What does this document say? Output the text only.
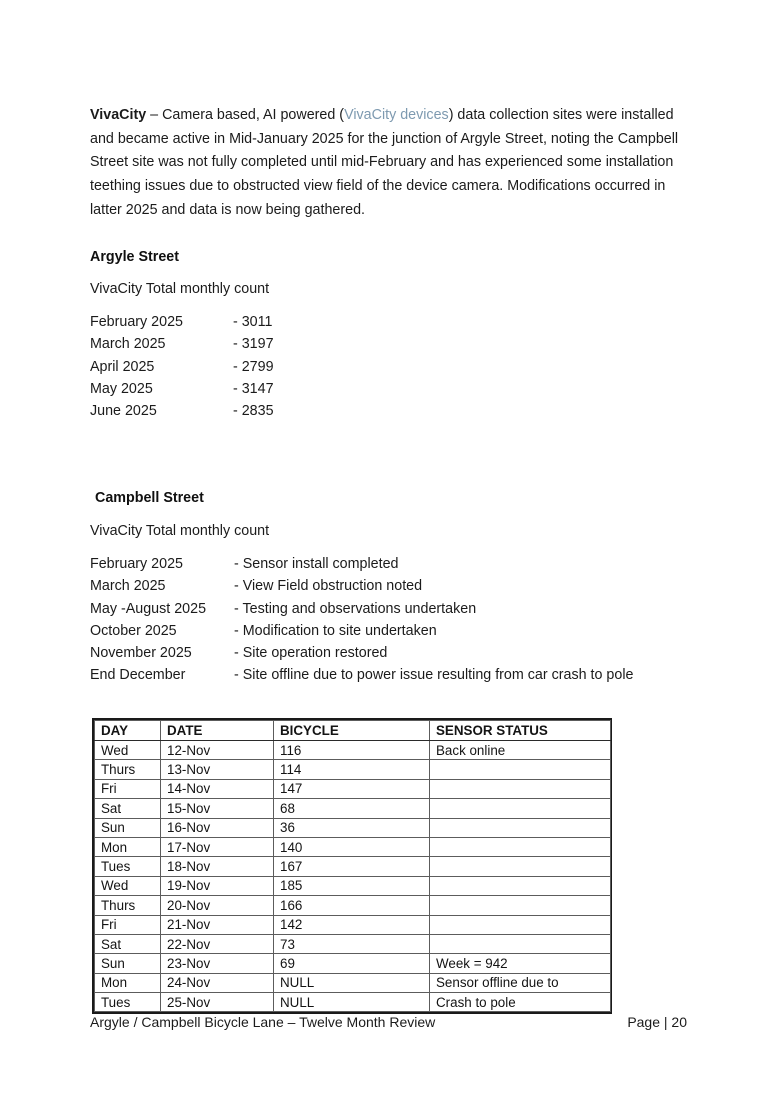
VivaCity – Camera based, AI powered (VivaCity devices) data collection sites were installed and became active in Mid-January 2025 for the junction of Argyle Street, noting the Campbell Street site was not fully completed until mid-February and has experienced some installation teething issues due to obstructed view field of the device camera. Modifications occurred in latter 2025 and data is now being gathered.

Argyle Street
VivaCity Total monthly count
February 2025	- 3011
March 2025	- 3197
April 2025	- 2799
May 2025	- 3147
June 2025	- 2835
Campbell Street
VivaCity Total monthly count
February 2025	- Sensor install completed
March 2025	- View Field obstruction noted
May -August 2025	- Testing and observations undertaken
October 2025	- Modification to site undertaken
November 2025	- Site operation restored
End December	- Site offline due to power issue resulting from car crash to pole
DAY	DATE	BICYCLE	SENSOR STATUS
Wed	12-Nov	116	Back online
Thurs	13-Nov	114	
Fri	14-Nov	147	
Sat	15-Nov	68	
Sun	16-Nov	36	
Mon	17-Nov	140	
Tues	18-Nov	167	
Wed	19-Nov	185	
Thurs	20-Nov	166	
Fri	21-Nov	142	
Sat	22-Nov	73	
Sun	23-Nov	69	Week = 942
Mon	24-Nov	NULL	Sensor offline due to
Tues	25-Nov	NULL	Crash to pole
Argyle / Campbell Bicycle Lane – Twelve Month Review	Page | 20
